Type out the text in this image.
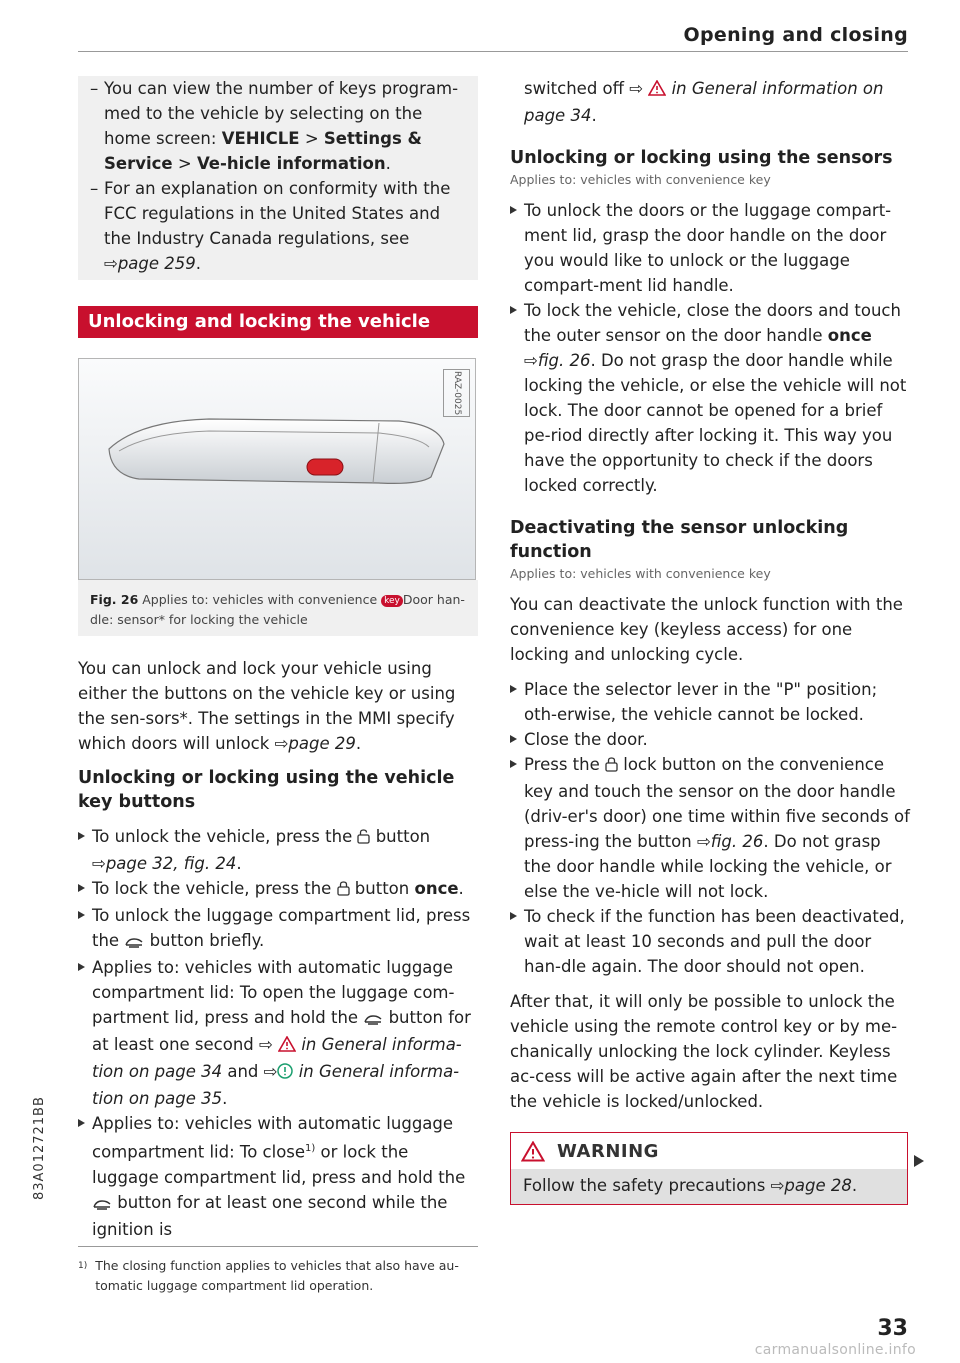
Opening and closing

– You can view the number of keys program-med to the vehicle by selecting on the home screen: VEHICLE > Settings & Service > Ve-hicle information.

– For an explanation on conformity with the FCC regulations in the United States and the Industry Canada regulations, see ⇨page 259.

Unlocking and locking the vehicle
RAZ-0025
Fig. 26 Applies to: vehicles with convenience key Door han-dle: sensor* for locking the vehicle

You can unlock and lock your vehicle using either the buttons on the vehicle key or using the sen-sors*. The settings in the MMI specify which doors will unlock ⇨page 29.

Unlocking or locking using the vehicle key buttons

To unlock the vehicle, press the  button ⇨page 32, fig. 24.

To lock the vehicle, press the  button once.

To unlock the luggage compartment lid, press the  button briefly.

Applies to: vehicles with automatic luggage compartment lid: To open the luggage com-partment lid, press and hold the  button for at least one second ⇨  in General informa-tion on page 34 and ⇨ in General informa-tion on page 35.

Applies to: vehicles with automatic luggage compartment lid: To close$^{1)}$ or lock the luggage compartment lid, press and hold the  button for at least one second while the ignition is

1) The closing function applies to vehicles that also have au-tomatic luggage compartment lid operation.

switched off ⇨  in General information on page 34.

Unlocking or locking using the sensors

Applies to: vehicles with convenience key

To unlock the doors or the luggage compart-ment lid, grasp the door handle on the door you would like to unlock or the luggage compart-ment lid handle.

To lock the vehicle, close the doors and touch the outer sensor on the door handle once ⇨fig. 26. Do not grasp the door handle while locking the vehicle, or else the vehicle will not lock. The door cannot be opened for a brief pe-riod directly after locking it. This way you have the opportunity to check if the doors locked correctly.

Deactivating the sensor unlocking function

Applies to: vehicles with convenience key

You can deactivate the unlock function with the convenience key (keyless access) for one locking and unlocking cycle.

Place the selector lever in the "P" position; oth-erwise, the vehicle cannot be locked.

Close the door.

Press the  lock button on the convenience key and touch the sensor on the door handle (driv-er's door) one time within five seconds of press-ing the button ⇨fig. 26. Do not grasp the door handle while locking the vehicle, or else the ve-hicle will not lock.

To check if the function has been deactivated, wait at least 10 seconds and pull the door han-dle again. The door should not open.

After that, it will only be possible to unlock the vehicle using the remote control key or by me-chanically unlocking the lock cylinder. Keyless ac-cess will be active again after the next time the vehicle is locked/unlocked.

WARNING
Follow the safety precautions ⇨page 28.
33
83A012721BB
carmanualsonline.info
